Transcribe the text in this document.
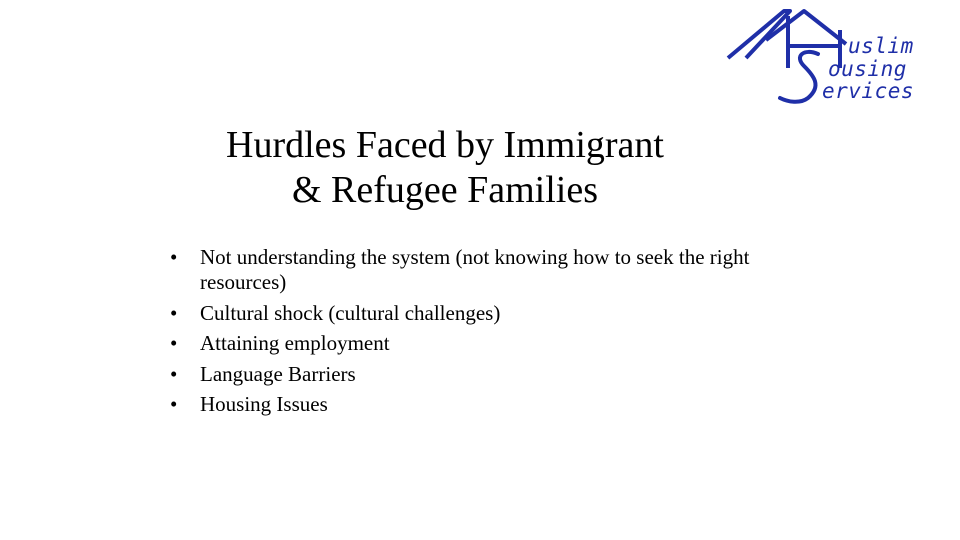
uslim
ousing
ervices
Hurdles Faced by Immigrant
& Refugee Families
• Not understanding the system (not knowing how to seek the right resources)
• Cultural shock (cultural challenges)
• Attaining employment
• Language Barriers
• Housing Issues
